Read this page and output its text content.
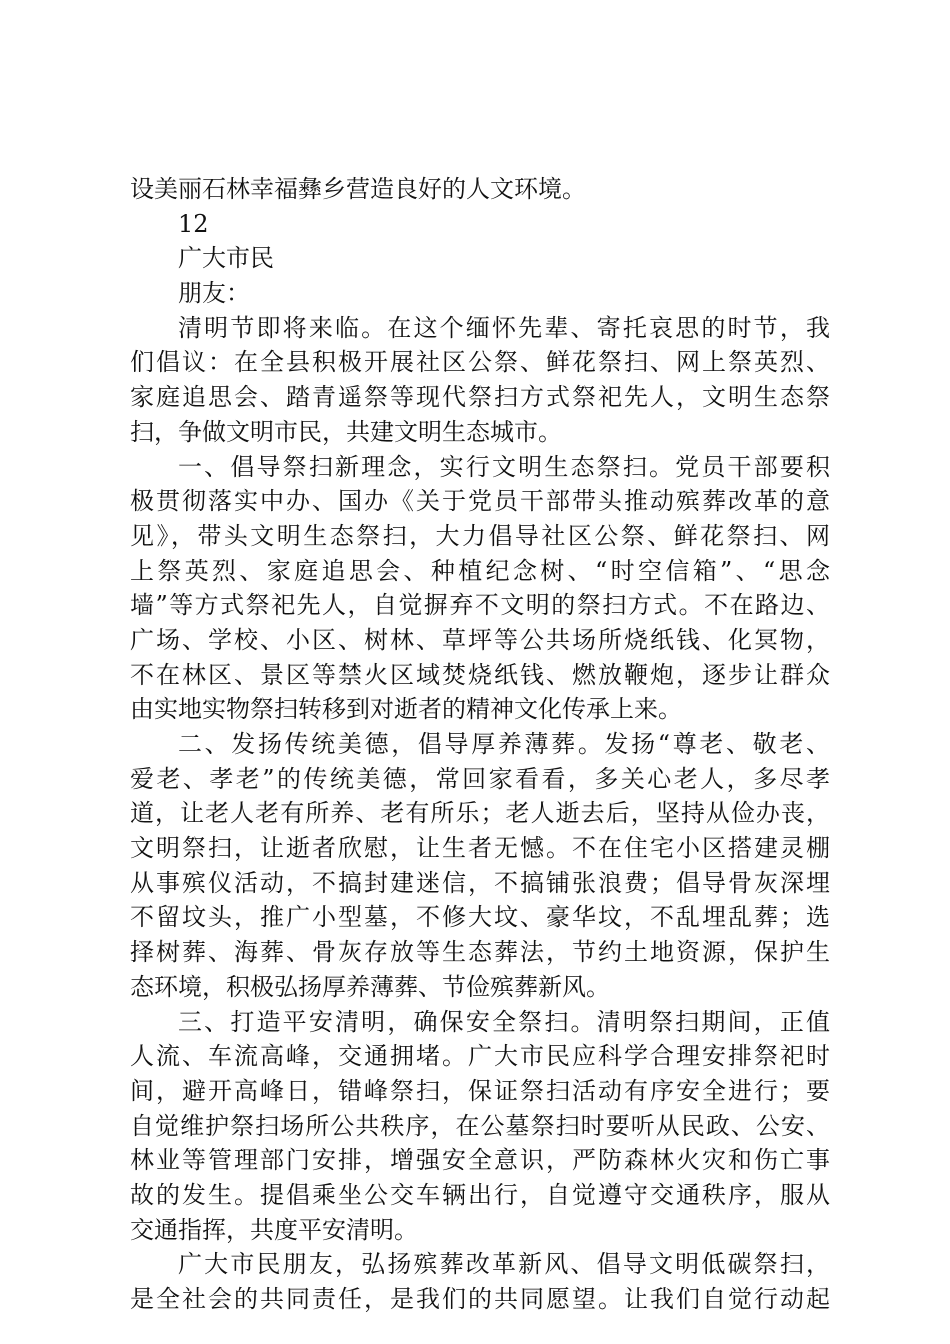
设美丽石林幸福彝乡营造良好的人文环境。
12
广大市民
朋友：
清明节即将来临。在这个缅怀先辈、寄托哀思的时节，我
们倡议：在全县积极开展社区公祭、鲜花祭扫、网上祭英烈、
家庭追思会、踏青遥祭等现代祭扫方式祭祀先人，文明生态祭
扫，争做文明市民，共建文明生态城市。
一、倡导祭扫新理念，实行文明生态祭扫。党员干部要积
极贯彻落实中办、国办《关于党员干部带头推动殡葬改革的意
见》，带头文明生态祭扫，大力倡导社区公祭、鲜花祭扫、网
上祭英烈、家庭追思会、种植纪念树、“时空信箱”、“思念
墙”等方式祭祀先人，自觉摒弃不文明的祭扫方式。不在路边、
广场、学校、小区、树林、草坪等公共场所烧纸钱、化冥物，
不在林区、景区等禁火区域焚烧纸钱、燃放鞭炮，逐步让群众
由实地实物祭扫转移到对逝者的精神文化传承上来。
二、发扬传统美德，倡导厚养薄葬。发扬“尊老、敬老、
爱老、孝老”的传统美德，常回家看看，多关心老人，多尽孝
道，让老人老有所养、老有所乐；老人逝去后，坚持从俭办丧，
文明祭扫，让逝者欣慰，让生者无憾。不在住宅小区搭建灵棚
从事殡仪活动，不搞封建迷信，不搞铺张浪费；倡导骨灰深埋
不留坟头，推广小型墓，不修大坟、豪华坟，不乱埋乱葬；选
择树葬、海葬、骨灰存放等生态葬法，节约土地资源，保护生
态环境，积极弘扬厚养薄葬、节俭殡葬新风。
三、打造平安清明，确保安全祭扫。清明祭扫期间，正值
人流、车流高峰，交通拥堵。广大市民应科学合理安排祭祀时
间，避开高峰日，错峰祭扫，保证祭扫活动有序安全进行；要
自觉维护祭扫场所公共秩序，在公墓祭扫时要听从民政、公安、
林业等管理部门安排，增强安全意识，严防森林火灾和伤亡事
故的发生。提倡乘坐公交车辆出行，自觉遵守交通秩序，服从
交通指挥，共度平安清明。
广大市民朋友，弘扬殡葬改革新风、倡导文明低碳祭扫，
是全社会的共同责任，是我们的共同愿望。让我们自觉行动起
